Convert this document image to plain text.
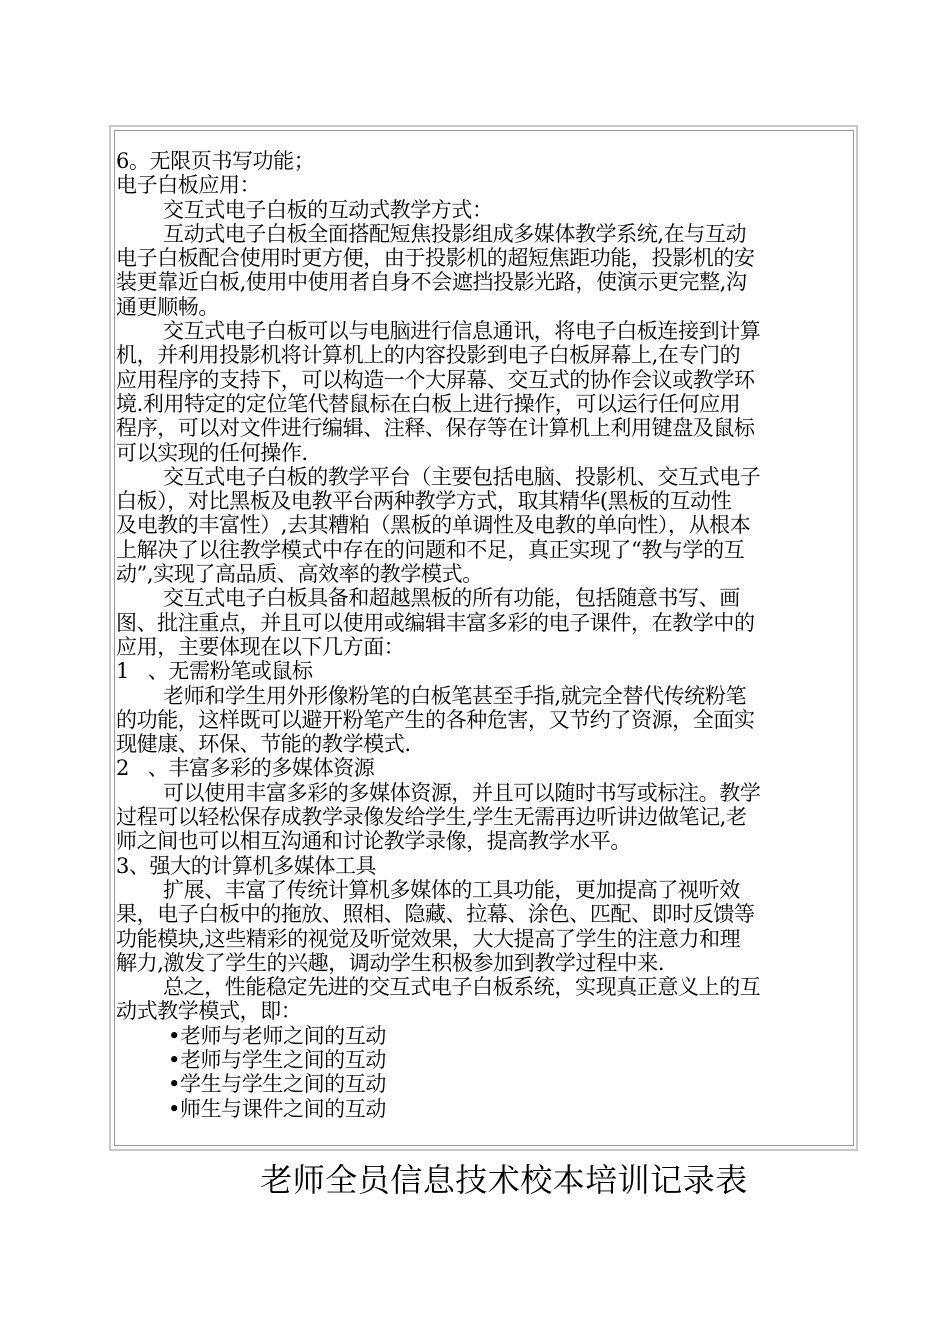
6。无限页书写功能；

电子白板应用：

交互式电子白板的互动式教学方式：

互动式电子白板全面搭配短焦投影组成多媒体教学系统,在与互动

电子白板配合使用时更方便，由于投影机的超短焦距功能，投影机的安

装更靠近白板,使用中使用者自身不会遮挡投影光路，使演示更完整,沟

通更顺畅。

交互式电子白板可以与电脑进行信息通讯，将电子白板连接到计算

机，并利用投影机将计算机上的内容投影到电子白板屏幕上,在专门的

应用程序的支持下，可以构造一个大屏幕、交互式的协作会议或教学环

境.利用特定的定位笔代替鼠标在白板上进行操作，可以运行任何应用

程序，可以对文件进行编辑、注释、保存等在计算机上利用键盘及鼠标

可以实现的任何操作.

交互式电子白板的教学平台（主要包括电脑、投影机、交互式电子

白板），对比黑板及电教平台两种教学方式，取其精华(黑板的互动性

及电教的丰富性）,去其糟粕（黑板的单调性及电教的单向性），从根本

上解决了以往教学模式中存在的问题和不足，真正实现了“教与学的互

动”,实现了高品质、高效率的教学模式。

交互式电子白板具备和超越黑板的所有功能，包括随意书写、画

图、批注重点，并且可以使用或编辑丰富多彩的电子课件，在教学中的

应用，主要体现在以下几方面：

1   、无需粉笔或鼠标

老师和学生用外形像粉笔的白板笔甚至手指,就完全替代传统粉笔

的功能，这样既可以避开粉笔产生的各种危害，又节约了资源，全面实

现健康、环保、节能的教学模式.

2   、丰富多彩的多媒体资源

可以使用丰富多彩的多媒体资源，并且可以随时书写或标注。教学

过程可以轻松保存成教学录像发给学生,学生无需再边听讲边做笔记,老

师之间也可以相互沟通和讨论教学录像，提高教学水平。

3、强大的计算机多媒体工具

扩展、丰富了传统计算机多媒体的工具功能，更加提高了视听效

果，电子白板中的拖放、照相、隐藏、拉幕、涂色、匹配、即时反馈等

功能模块,这些精彩的视觉及听觉效果，大大提高了学生的注意力和理

解力,激发了学生的兴趣，调动学生积极参加到教学过程中来.

总之，性能稳定先进的交互式电子白板系统，实现真正意义上的互

动式教学模式，即：

•老师与老师之间的互动

•老师与学生之间的互动

•学生与学生之间的互动

•师生与课件之间的互动

老师全员信息技术校本培训记录表
